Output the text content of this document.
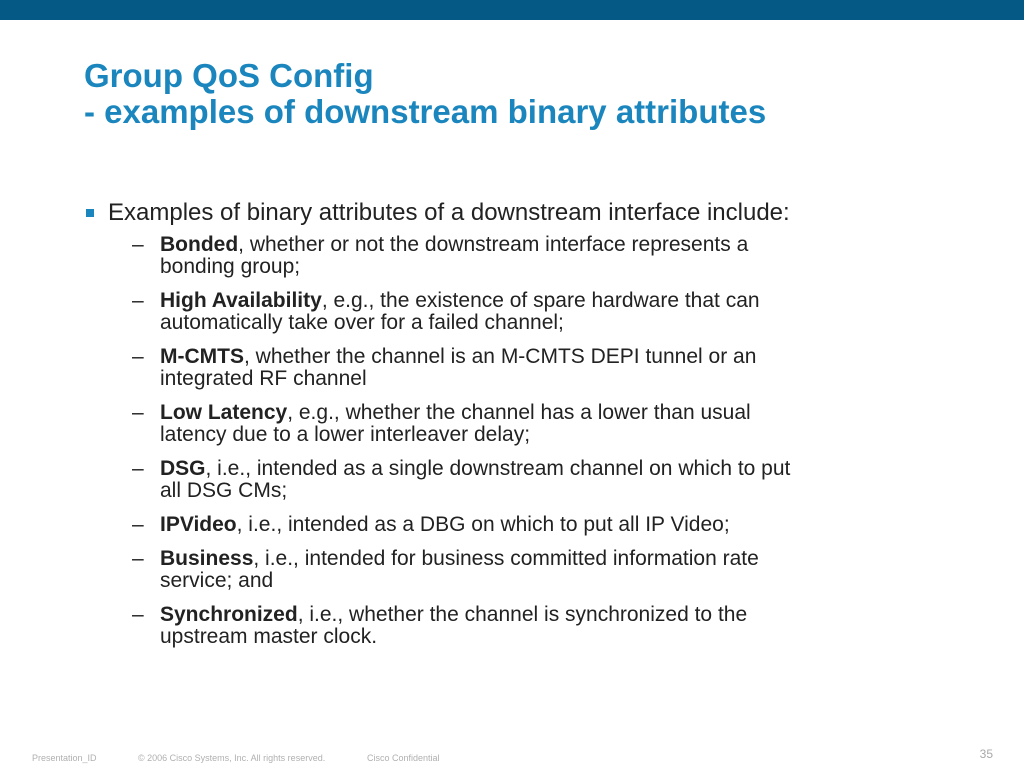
Group QoS Config
- examples of downstream binary attributes
Examples of binary attributes of a downstream interface include:
– Bonded, whether or not the downstream interface represents a
bonding group;
– High Availability, e.g., the existence of spare hardware that can
automatically take over for a failed channel;
– M-CMTS, whether the channel is an M-CMTS DEPI tunnel or an
integrated RF channel
– Low Latency, e.g., whether the channel has a lower than usual
latency due to a lower interleaver delay;
– DSG, i.e., intended as a single downstream channel on which to put
all DSG CMs;
– IPVideo, i.e., intended as a DBG on which to put all IP Video;
– Business, i.e., intended for business committed information rate
service; and
– Synchronized, i.e., whether the channel is synchronized to the
upstream master clock.
Presentation_ID	© 2006 Cisco Systems, Inc. All rights reserved.	Cisco Confidential	35
